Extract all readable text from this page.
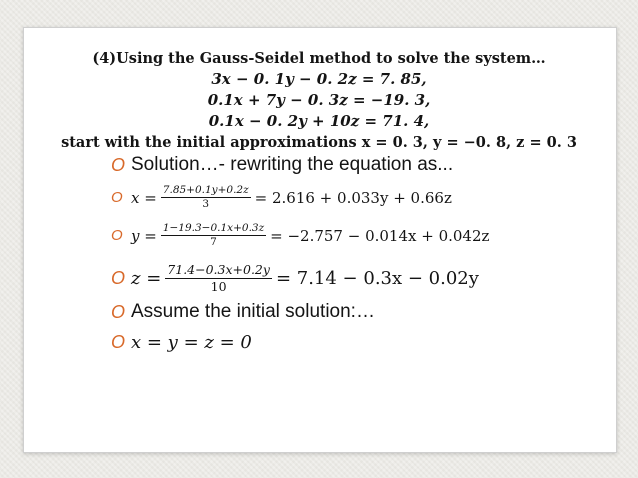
(4)Using the Gauss-Seidel method to solve the system…
3x − 0. 1y − 0. 2z = 7. 85,
0.1x + 7y − 0. 3z = −19. 3,
0.1x − 0. 2y + 10z = 71. 4,
start with the initial approximations x = 0. 3, y = −0. 8, z = 0. 3
O Solution…- rewriting the equation as...
O $x = \frac{7.85+0.1y+0.2z}{3} = 2.616 + 0.033y + 0.66z$
O $y = \frac{1-19.3-0.1x+0.3z}{7} = -2.757 - 0.014x + 0.042z$
O $z = \frac{71.4-0.3x+0.2y}{10} = 7.14 - 0.3x - 0.02y$
O Assume the initial solution:…
O x = y = z = 0
